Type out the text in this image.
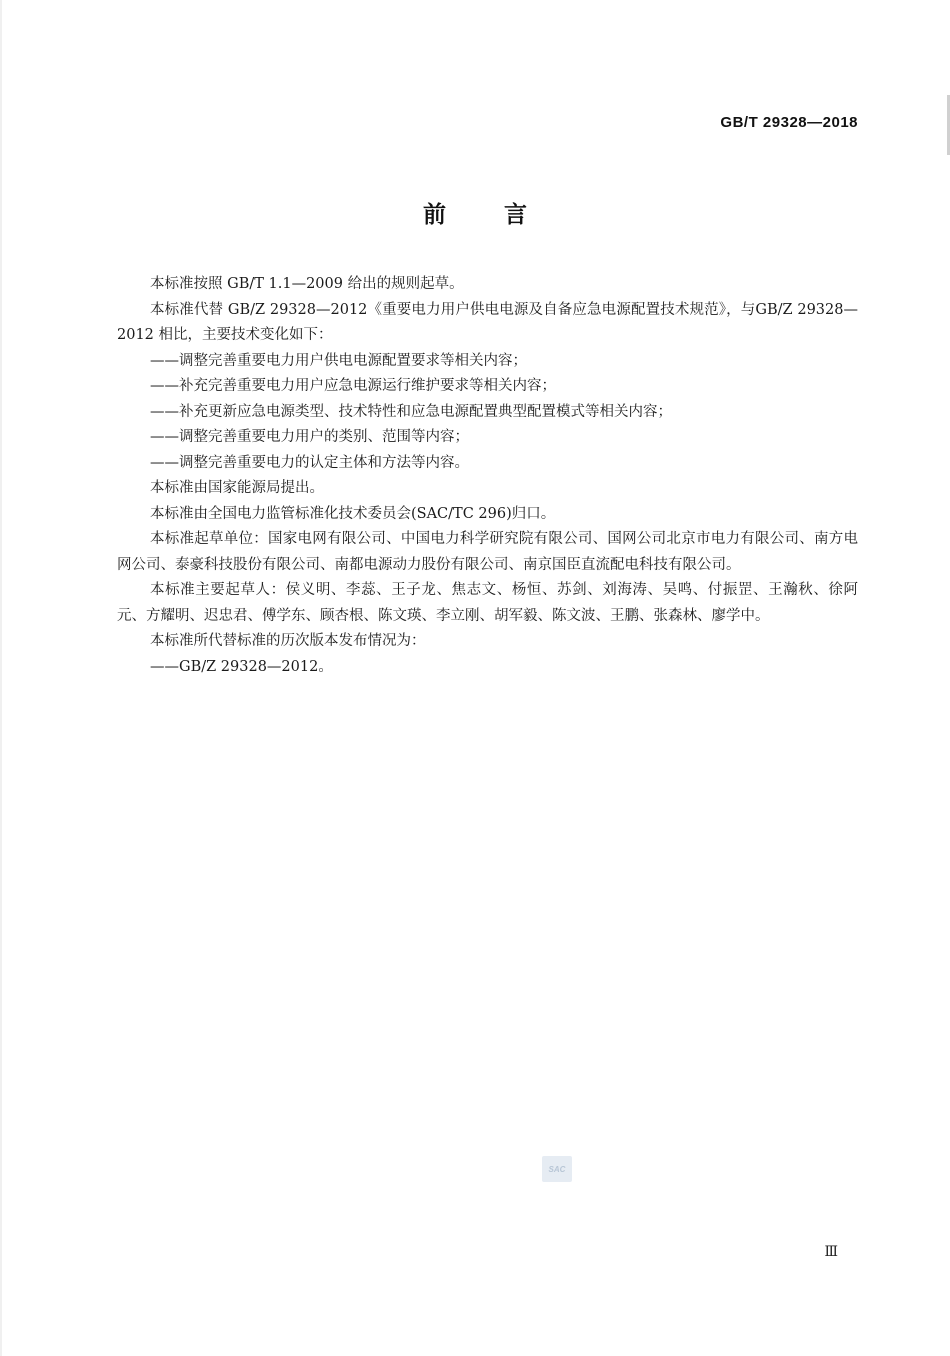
GB/T 29328—2018
前言

本标准按照 GB/T 1.1—2009 给出的规则起草。

本标准代替 GB/Z 29328—2012《重要电力用户供电电源及自备应急电源配置技术规范》，与GB/Z 29328—2012 相比，主要技术变化如下：

——调整完善重要电力用户供电电源配置要求等相关内容；

——补充完善重要电力用户应急电源运行维护要求等相关内容；

——补充更新应急电源类型、技术特性和应急电源配置典型配置模式等相关内容；

——调整完善重要电力用户的类别、范围等内容；

——调整完善重要电力的认定主体和方法等内容。

本标准由国家能源局提出。

本标准由全国电力监管标准化技术委员会(SAC/TC 296)归口。

本标准起草单位：国家电网有限公司、中国电力科学研究院有限公司、国网公司北京市电力有限公司、南方电网公司、泰豪科技股份有限公司、南都电源动力股份有限公司、南京国臣直流配电科技有限公司。

本标准主要起草人：侯义明、李蕊、王子龙、焦志文、杨恒、苏剑、刘海涛、吴鸣、付振罡、王瀚秋、徐阿元、方耀明、迟忠君、傅学东、顾杏根、陈文瑛、李立刚、胡军毅、陈文波、王鹏、张森林、廖学中。

本标准所代替标准的历次版本发布情况为：

——GB/Z 29328—2012。

SAC
Ⅲ
